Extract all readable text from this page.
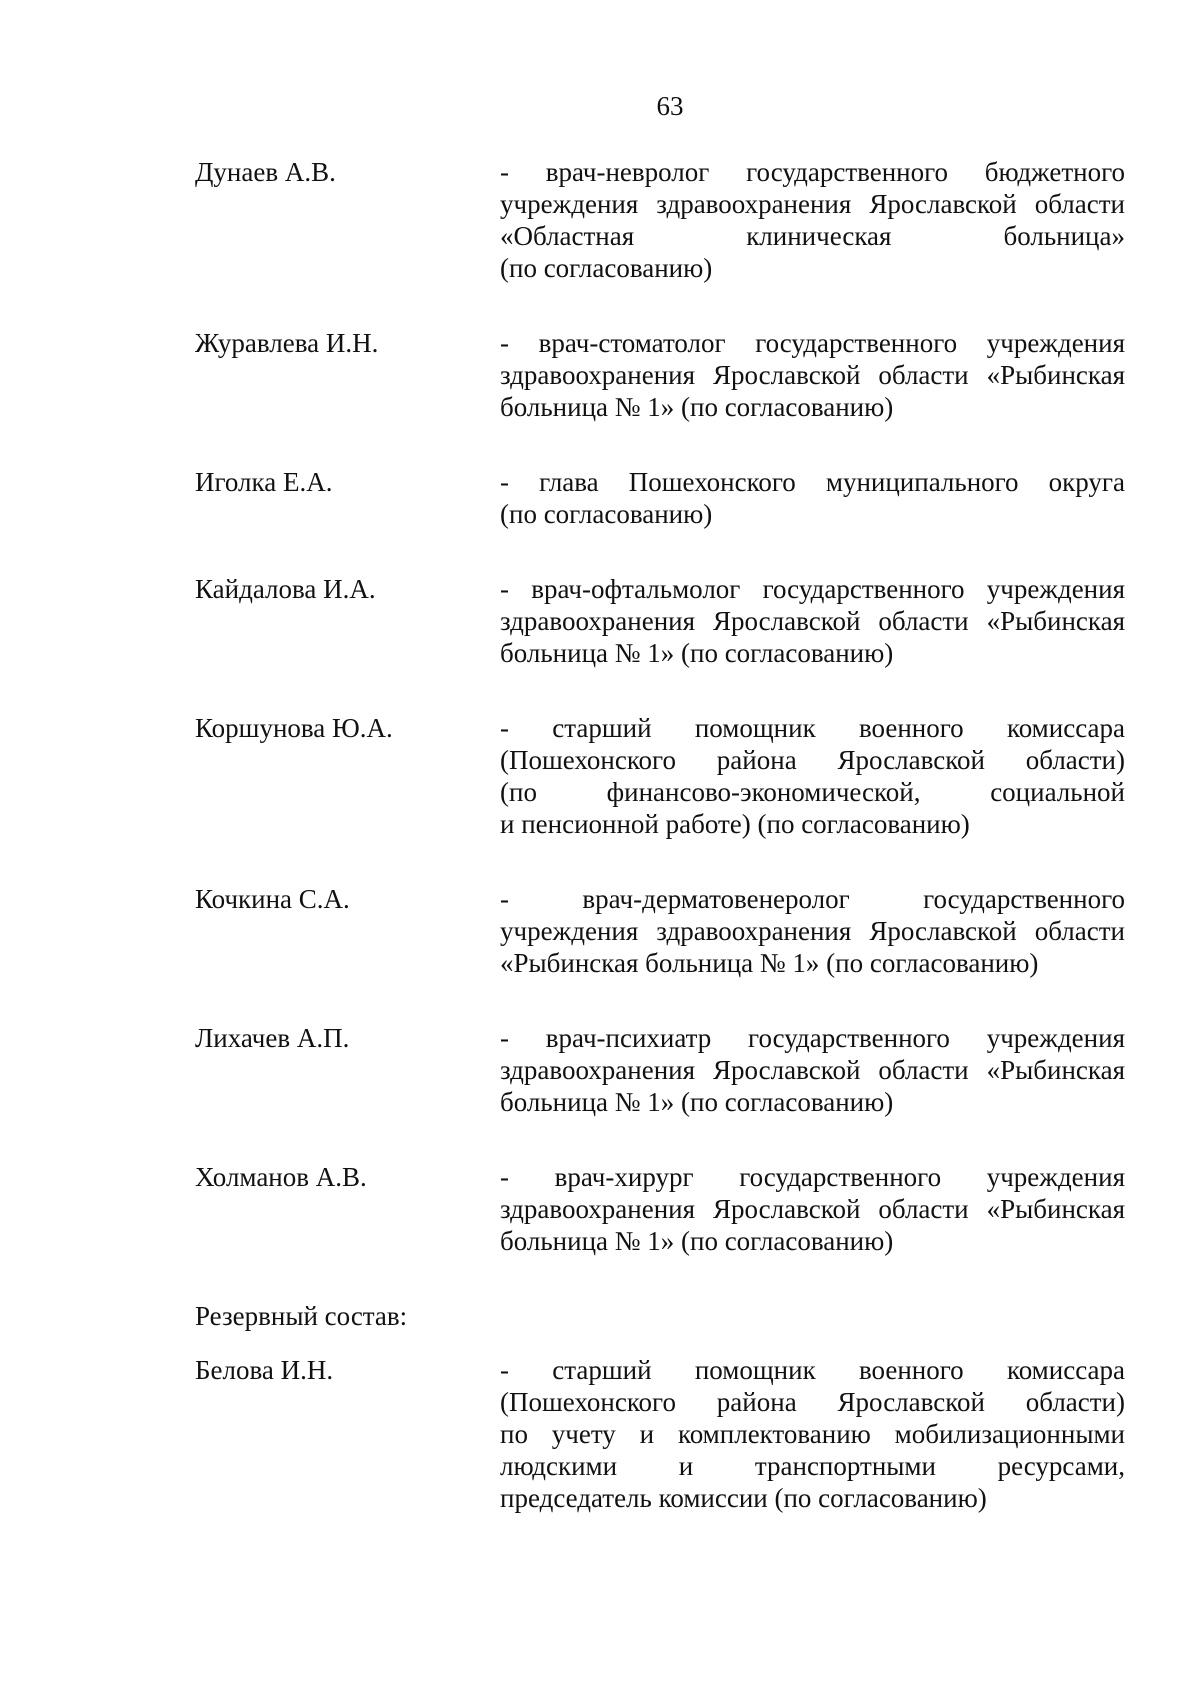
63
Дунаев А.В.	- врач-невролог государственного бюджетного
учреждения здравоохранения Ярославской области
«Областная клиническая больница»
(по согласованию)
Журавлева И.Н.	- врач-стоматолог государственного учреждения
здравоохранения Ярославской области «Рыбинская
больница № 1» (по согласованию)
Иголка Е.А.	- глава Пошехонского муниципального округа
(по согласованию)
Кайдалова И.А.	- врач-офтальмолог государственного учреждения
здравоохранения Ярославской области «Рыбинская
больница № 1» (по согласованию)
Коршунова Ю.А.	- старший помощник военного комиссара
(Пошехонского района Ярославской области)
(по финансово-экономической, социальной
и пенсионной работе) (по согласованию)
Кочкина С.А.	- врач-дерматовенеролог государственного
учреждения здравоохранения Ярославской области
«Рыбинская больница № 1» (по согласованию)
Лихачев А.П.	- врач-психиатр государственного учреждения
здравоохранения Ярославской области «Рыбинская
больница № 1» (по согласованию)
Холманов А.В.	- врач-хирург государственного учреждения
здравоохранения Ярославской области «Рыбинская
больница № 1» (по согласованию)
Резервный состав:
Белова И.Н.	- старший помощник военного комиссара
(Пошехонского района Ярославской области)
по учету и комплектованию мобилизационными
людскими и транспортными ресурсами,
председатель комиссии (по согласованию)
